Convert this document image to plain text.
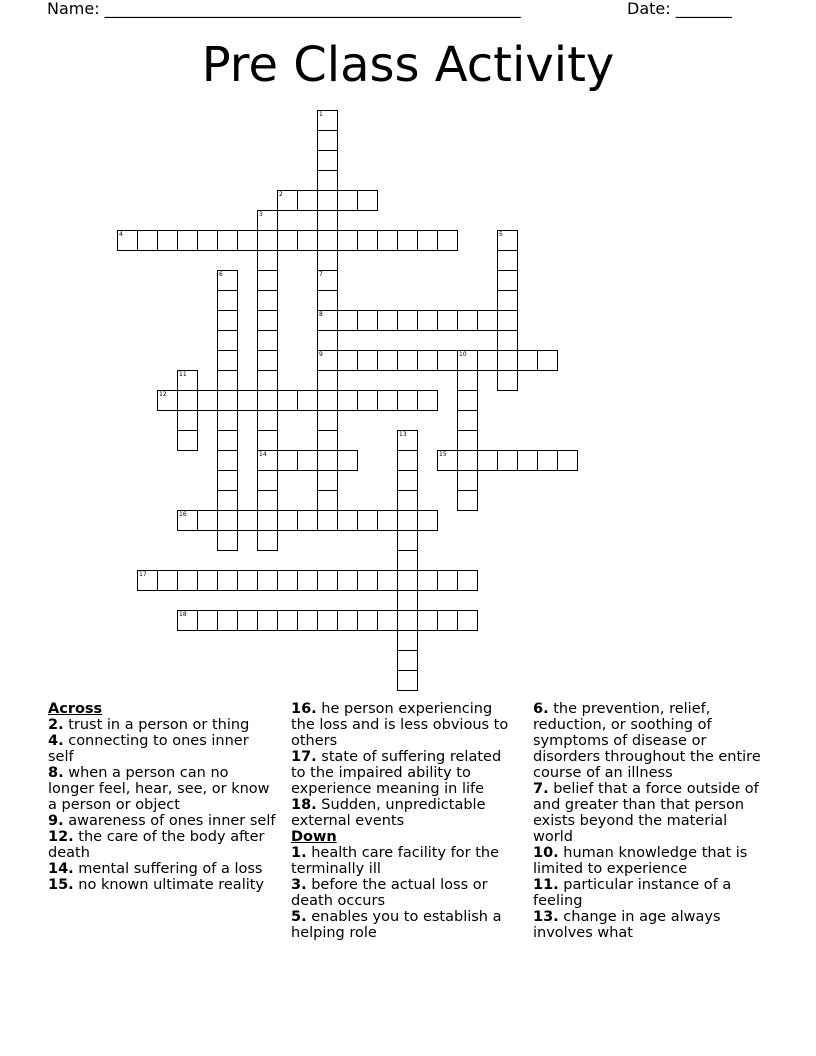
Name: ____________________________________________________	Date: _______
Pre Class Activity
1
7
8
9
2
3
14
4	5
6
10
11
12
13
15
16
17
18
Across
2. trust in a person or thing
4. connecting to ones inner self
8. when a person can no longer feel, hear, see, or know a person or object
9. awareness of ones inner self
12. the care of the body after death
14. mental suffering of a loss
15. no known ultimate reality
16. he person experiencing the loss and is less obvious to others
17. state of suffering related to the impaired ability to experience meaning in life
18. Sudden, unpredictable external events
Down
1. health care facility for the terminally ill
3. before the actual loss or death occurs
5. enables you to establish a helping role
6. the prevention, relief, reduction, or soothing of symptoms of disease or disorders throughout the entire course of an illness
7. belief that a force outside of and greater than that person exists beyond the material world
10. human knowledge that is limited to experience
11. particular instance of a feeling
13. change in age always involves what
